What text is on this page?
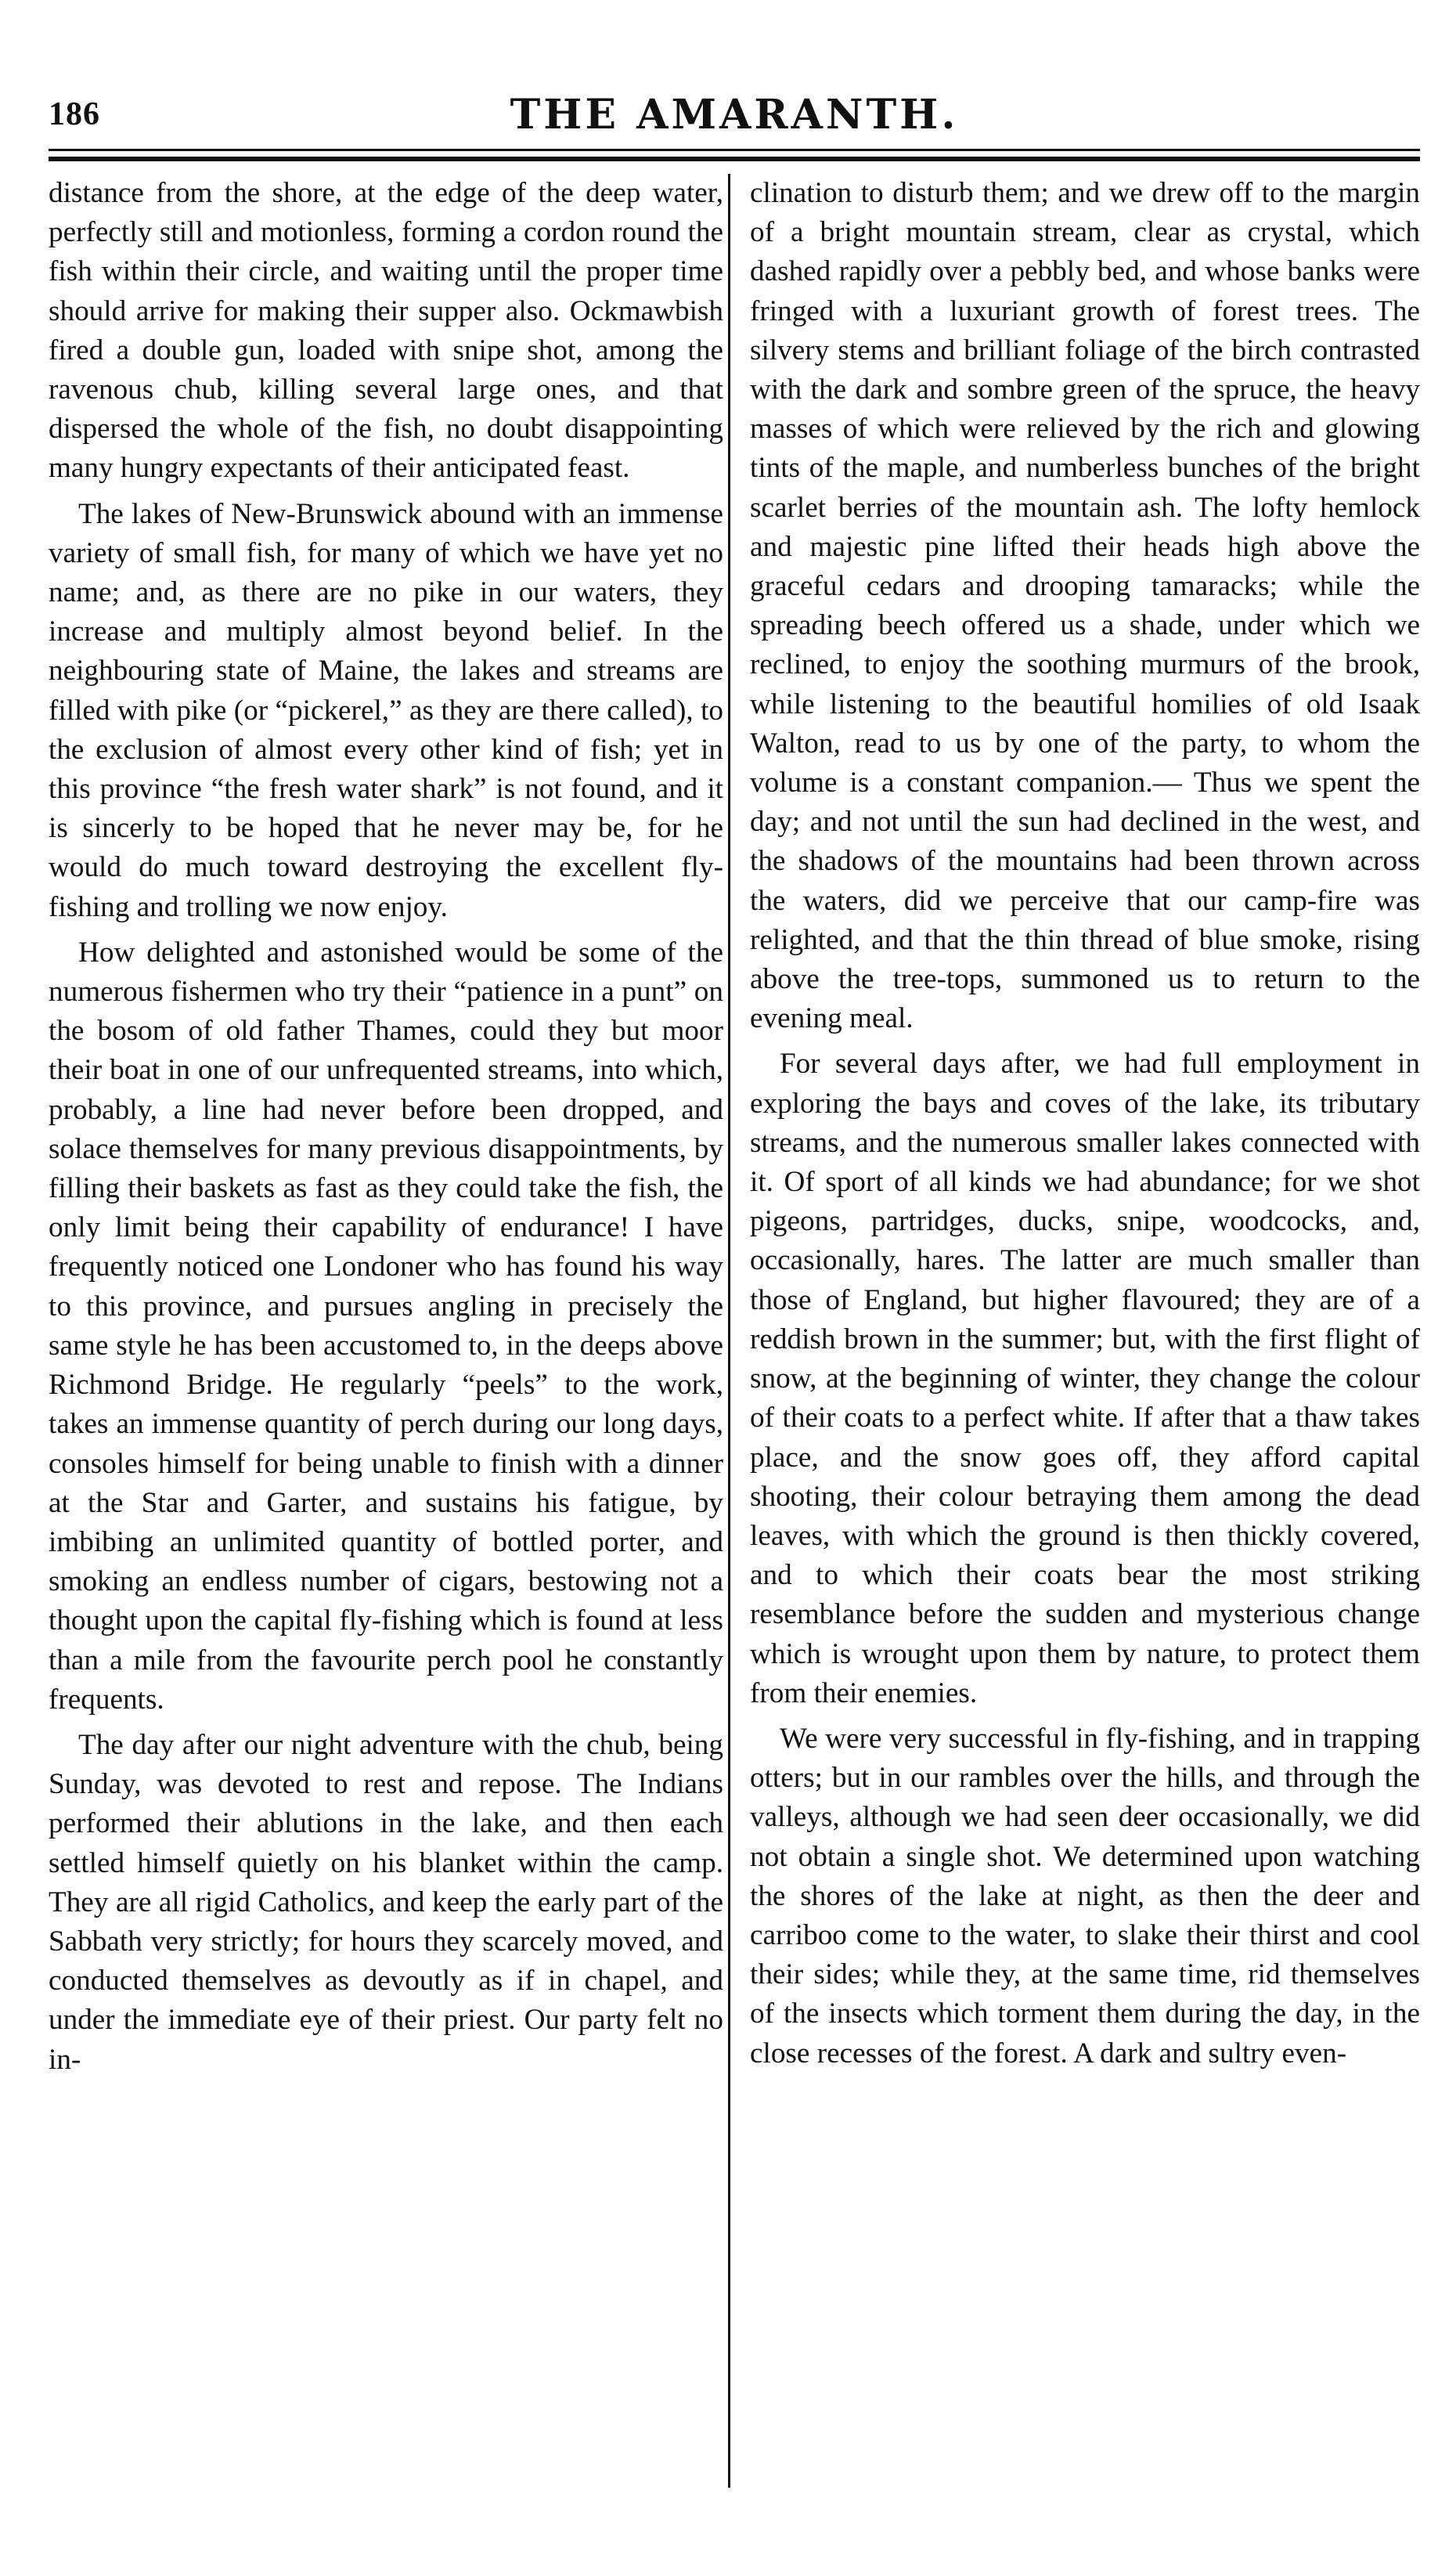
186	THE AMARANTH.

distance from the shore, at the edge of the deep water, perfectly still and motionless, forming a cordon round the fish within their circle, and waiting until the proper time should arrive for making their supper also. Ockmawbish fired a double gun, loaded with snipe shot, among the ravenous chub, killing several large ones, and that dispersed the whole of the fish, no doubt disappointing many hungry expectants of their anticipated feast.

The lakes of New-Brunswick abound with an immense variety of small fish, for many of which we have yet no name; and, as there are no pike in our waters, they increase and multiply almost beyond belief. In the neighbouring state of Maine, the lakes and streams are filled with pike (or “pickerel,” as they are there called), to the exclusion of almost every other kind of fish; yet in this province “the fresh water shark” is not found, and it is sincerly to be hoped that he never may be, for he would do much toward destroying the excellent fly-fishing and trolling we now enjoy.

How delighted and astonished would be some of the numerous fishermen who try their “patience in a punt” on the bosom of old father Thames, could they but moor their boat in one of our unfrequented streams, into which, probably, a line had never before been dropped, and solace themselves for many previous disappointments, by filling their baskets as fast as they could take the fish, the only limit being their capability of endurance! I have frequently noticed one Londoner who has found his way to this province, and pursues angling in precisely the same style he has been accustomed to, in the deeps above Richmond Bridge. He regularly “peels” to the work, takes an immense quantity of perch during our long days, consoles himself for being unable to finish with a dinner at the Star and Garter, and sustains his fatigue, by imbibing an unlimited quantity of bottled porter, and smoking an endless number of cigars, bestowing not a thought upon the capital fly-fishing which is found at less than a mile from the favourite perch pool he constantly frequents.

The day after our night adventure with the chub, being Sunday, was devoted to rest and repose. The Indians performed their ablutions in the lake, and then each settled himself quietly on his blanket within the camp. They are all rigid Catholics, and keep the early part of the Sabbath very strictly; for hours they scarcely moved, and conducted themselves as devoutly as if in chapel, and under the immediate eye of their priest. Our party felt no in-

clination to disturb them; and we drew off to the margin of a bright mountain stream, clear as crystal, which dashed rapidly over a pebbly bed, and whose banks were fringed with a luxuriant growth of forest trees. The silvery stems and brilliant foliage of the birch contrasted with the dark and sombre green of the spruce, the heavy masses of which were relieved by the rich and glowing tints of the maple, and numberless bunches of the bright scarlet berries of the mountain ash. The lofty hemlock and majestic pine lifted their heads high above the graceful cedars and drooping tamaracks; while the spreading beech offered us a shade, under which we reclined, to enjoy the soothing murmurs of the brook, while listening to the beautiful homilies of old Isaak Walton, read to us by one of the party, to whom the volume is a constant companion.— Thus we spent the day; and not until the sun had declined in the west, and the shadows of the mountains had been thrown across the waters, did we perceive that our camp-fire was relighted, and that the thin thread of blue smoke, rising above the tree-tops, summoned us to return to the evening meal.

For several days after, we had full employment in exploring the bays and coves of the lake, its tributary streams, and the numerous smaller lakes connected with it. Of sport of all kinds we had abundance; for we shot pigeons, partridges, ducks, snipe, woodcocks, and, occasionally, hares. The latter are much smaller than those of England, but higher flavoured; they are of a reddish brown in the summer; but, with the first flight of snow, at the beginning of winter, they change the colour of their coats to a perfect white. If after that a thaw takes place, and the snow goes off, they afford capital shooting, their colour betraying them among the dead leaves, with which the ground is then thickly covered, and to which their coats bear the most striking resemblance before the sudden and mysterious change which is wrought upon them by nature, to protect them from their enemies.

We were very successful in fly-fishing, and in trapping otters; but in our rambles over the hills, and through the valleys, although we had seen deer occasionally, we did not obtain a single shot. We determined upon watching the shores of the lake at night, as then the deer and carriboo come to the water, to slake their thirst and cool their sides; while they, at the same time, rid themselves of the insects which torment them during the day, in the close recesses of the forest. A dark and sultry even-
